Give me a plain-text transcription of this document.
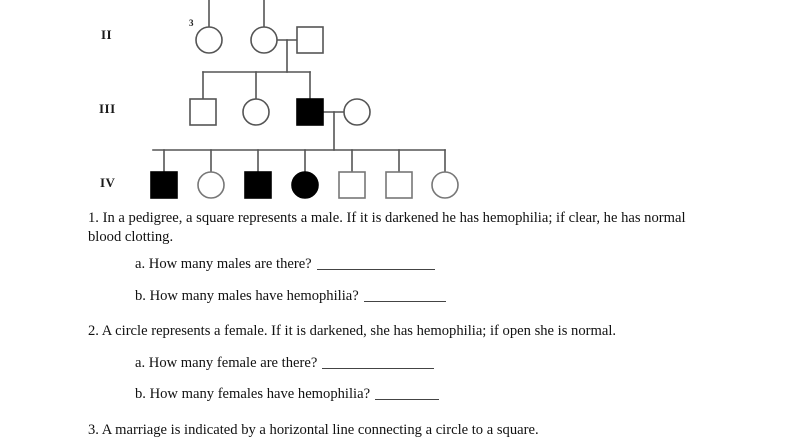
II
III
IV
3

1. In a pedigree, a square represents a male. If it is darkened he has hemophilia; if clear, he has normal blood clotting.

a. How many males are there?

b. How many males have hemophilia?

2. A circle represents a female. If it is darkened, she has hemophilia; if open she is normal.

a. How many female are there?

b. How many females have hemophilia?

3. A marriage is indicated by a horizontal line connecting a circle to a square.
